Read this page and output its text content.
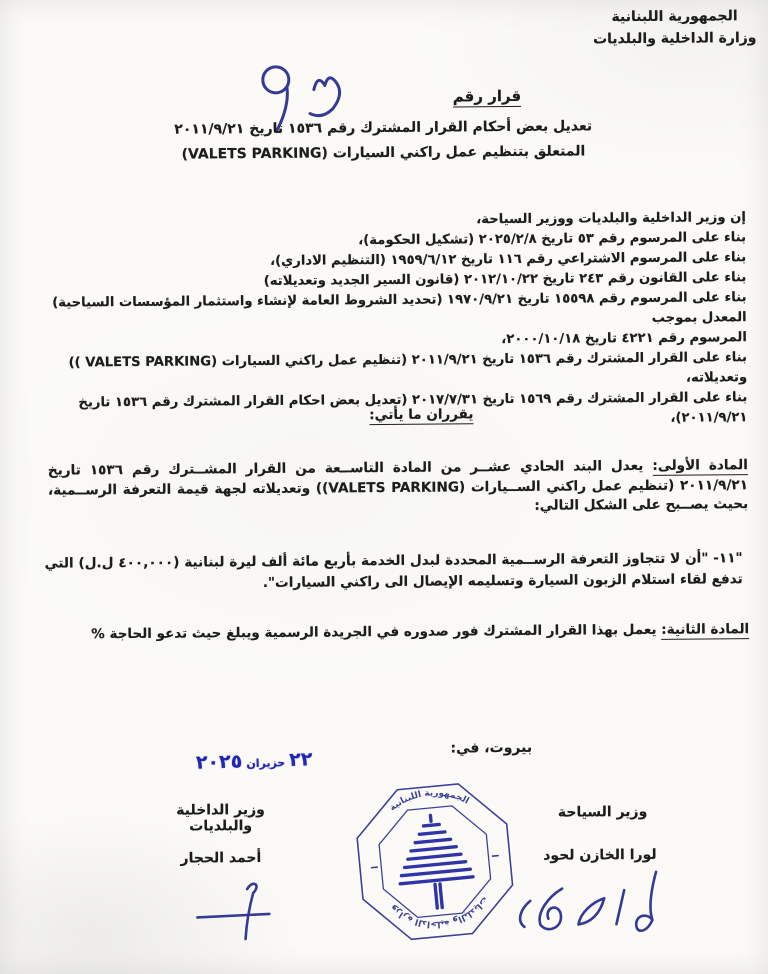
الجمهورية اللبنانية
وزارة الداخلية والبلديات
قرار رقم
تعديل بعض أحكام القرار المشترك رقم ١٥٣٦ تاريخ ٢٠١١/٩/٢١
المتعلق بتنظيم عمل راكني السيارات (VALETS PARKING)
إن وزير الداخلية والبلديات ووزير السياحة،
بناء على المرسوم رقم ٥٣ تاريخ ٢٠٢٥/٢/٨ (تشكيل الحكومة)،
بناء على المرسوم الاشتراعي رقم ١١٦ تاريخ ١٩٥٩/٦/١٢ (التنظيم الاداري)،
بناء على القانون رقم ٢٤٣ تاريخ ٢٠١٢/١٠/٢٢ (قانون السير الجديد وتعديلاته)
بناء على المرسوم رقم ١٥٥٩٨ تاريخ ١٩٧٠/٩/٢١ (تحديد الشروط العامة لإنشاء واستثمار المؤسسات السياحية) المعدل بموجب
المرسوم رقم ٤٢٢١ تاريخ ٢٠٠٠/١٠/١٨،
بناء على القرار المشترك رقم ١٥٣٦ تاريخ ٢٠١١/٩/٢١ (تنظيم عمل راكني السيارات (VALETS PARKING )) وتعديلاته،
بناء على القرار المشترك رقم ١٥٦٩ تاريخ ٢٠١٧/٧/٣١ (تعديل بعض احكام القرار المشترك رقم ١٥٣٦ تاريخ ٢٠١١/٩/٢١)،
يقرران ما يأتي:
المادة الأولى: يعدل البند الحادي عشــر من المادة التاســعة من القرار المشــترك رقم ١٥٣٦ تاريخ ٢٠١١/٩/٢١ (تنظيم عمل راكني الســيارات (VALETS PARKING)) وتعديلاته لجهة قيمة التعرفة الرســمية، بحيث يصــبح على الشكل التالي:
"١١- "أن لا تتجاوز التعرفة الرســمية المحددة لبدل الخدمة بأربع مائة ألف ليرة لبنانية (٤٠٠,٠٠٠ ل.ل) التي تدفع لقاء استلام الزبون السيارة وتسليمه الإيصال الى راكني السيارات".
المادة الثانية: يعمل بهذا القرار المشترك فور صدوره في الجريدة الرسمية ويبلغ حيث تدعو الحاجة %
بيروت، في:
٢٢حزيران٢٠٢٥
الجمهورية اللبنانية
وزارة الداخلية والبلديات
وزير السياحة
لورا الخازن لحود
وزير الداخلية والبلديات
أحمد الحجار
